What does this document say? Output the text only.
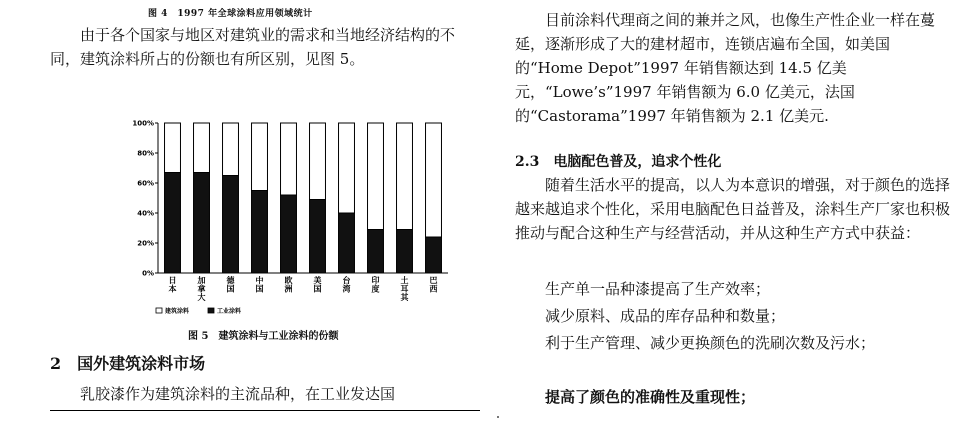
图 4　1997 年全球涂料应用领域统计

由于各个国家与地区对建筑业的需求和当地经济结构的不同，建筑涂料所占的份额也有所区别，见图 5。

0%
20%
40%
60%
80%
100%
日
本
加
拿
大
德
国
中
国
欧
洲
美
国
台
湾
印
度
土
耳
其
巴
西
建筑涂料	工业涂料
图 5　建筑涂料与工业涂料的份额
2　国外建筑涂料市场

乳胶漆作为建筑涂料的主流品种，在工业发达国

目前涂料代理商之间的兼并之风，也像生产性企业一样在蔓延，逐渐形成了大的建材超市，连锁店遍布全国，如美国的“Home Depot”1997 年销售额达到 14.5 亿美元，“Lowe’s”1997 年销售额为 6.0 亿美元，法国的“Castorama”1997 年销售额为 2.1 亿美元.

2.3　电脑配色普及，追求个性化

随着生活水平的提高，以人为本意识的增强，对于颜色的选择越来越追求个性化，采用电脑配色日益普及，涂料生产厂家也积极推动与配合这种生产与经营活动，并从这种生产方式中获益：

生产单一品种漆提高了生产效率；

减少原料、成品的库存品种和数量；

利于生产管理、减少更换颜色的洗刷次数及污水；

提高了颜色的准确性及重现性；
